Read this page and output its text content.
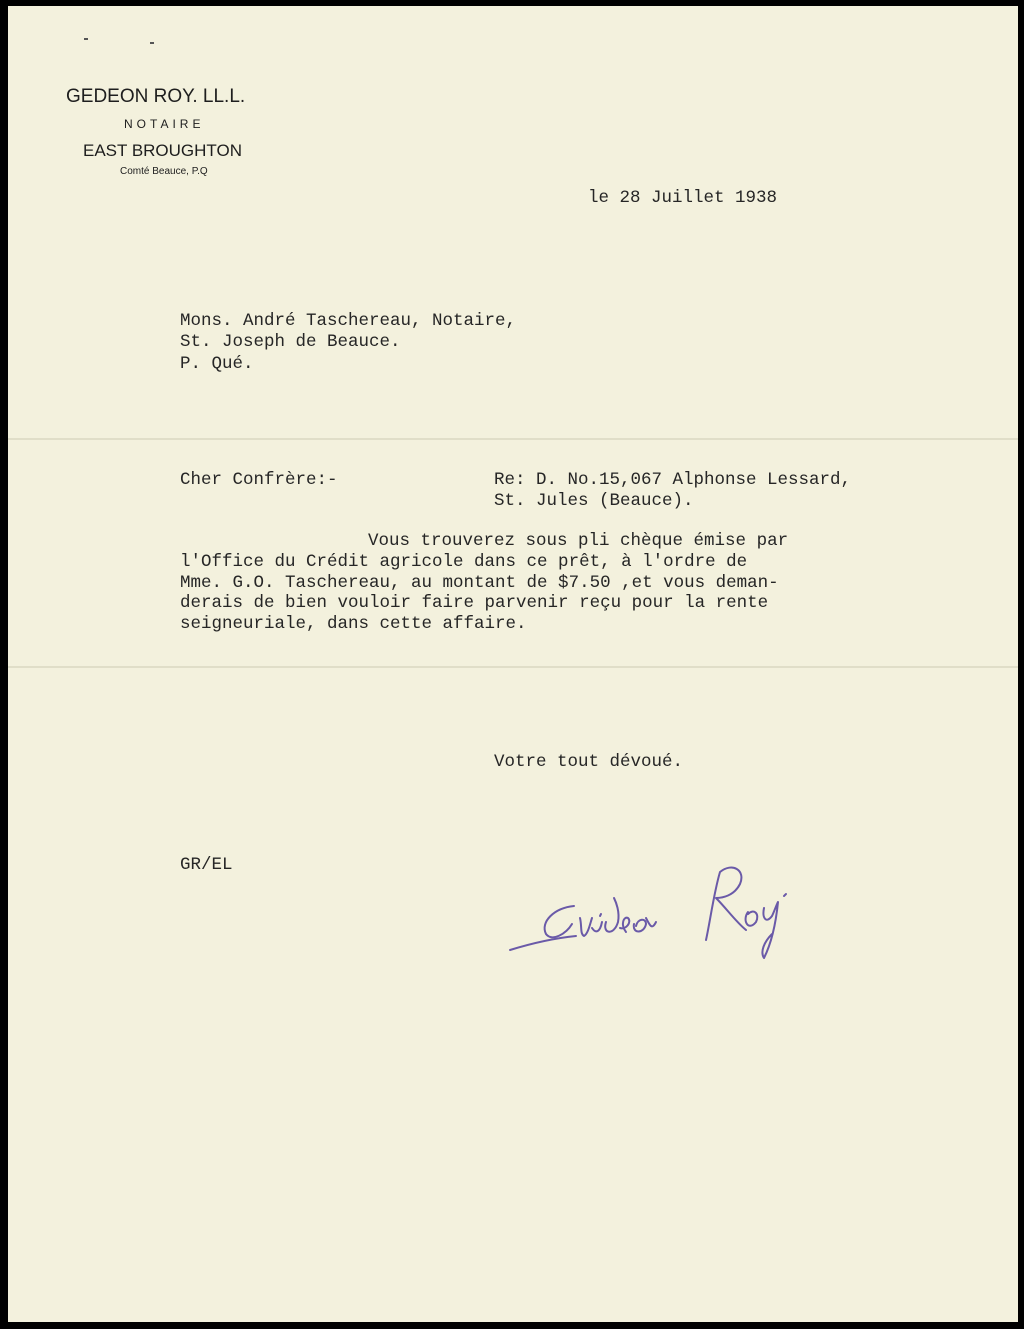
GEDEON ROY. LL.L.
NOTAIRE
EAST BROUGHTON
Comté Beauce, P.Q
le 28 Juillet 1938
Mons. André Taschereau, Notaire,
St. Joseph de Beauce.
P. Qué.
Cher Confrère:-	Re: D. No.15,067 Alphonse Lessard,
St. Jules (Beauce).
Vous trouverez sous pli chèque émise par
l'Office du Crédit agricole dans ce prêt, à l'ordre de
Mme. G.O. Taschereau, au montant de $7.50 ,et vous deman-
derais de bien vouloir faire parvenir reçu pour la rente
seigneuriale, dans cette affaire.
Votre tout dévoué.
GR/EL
